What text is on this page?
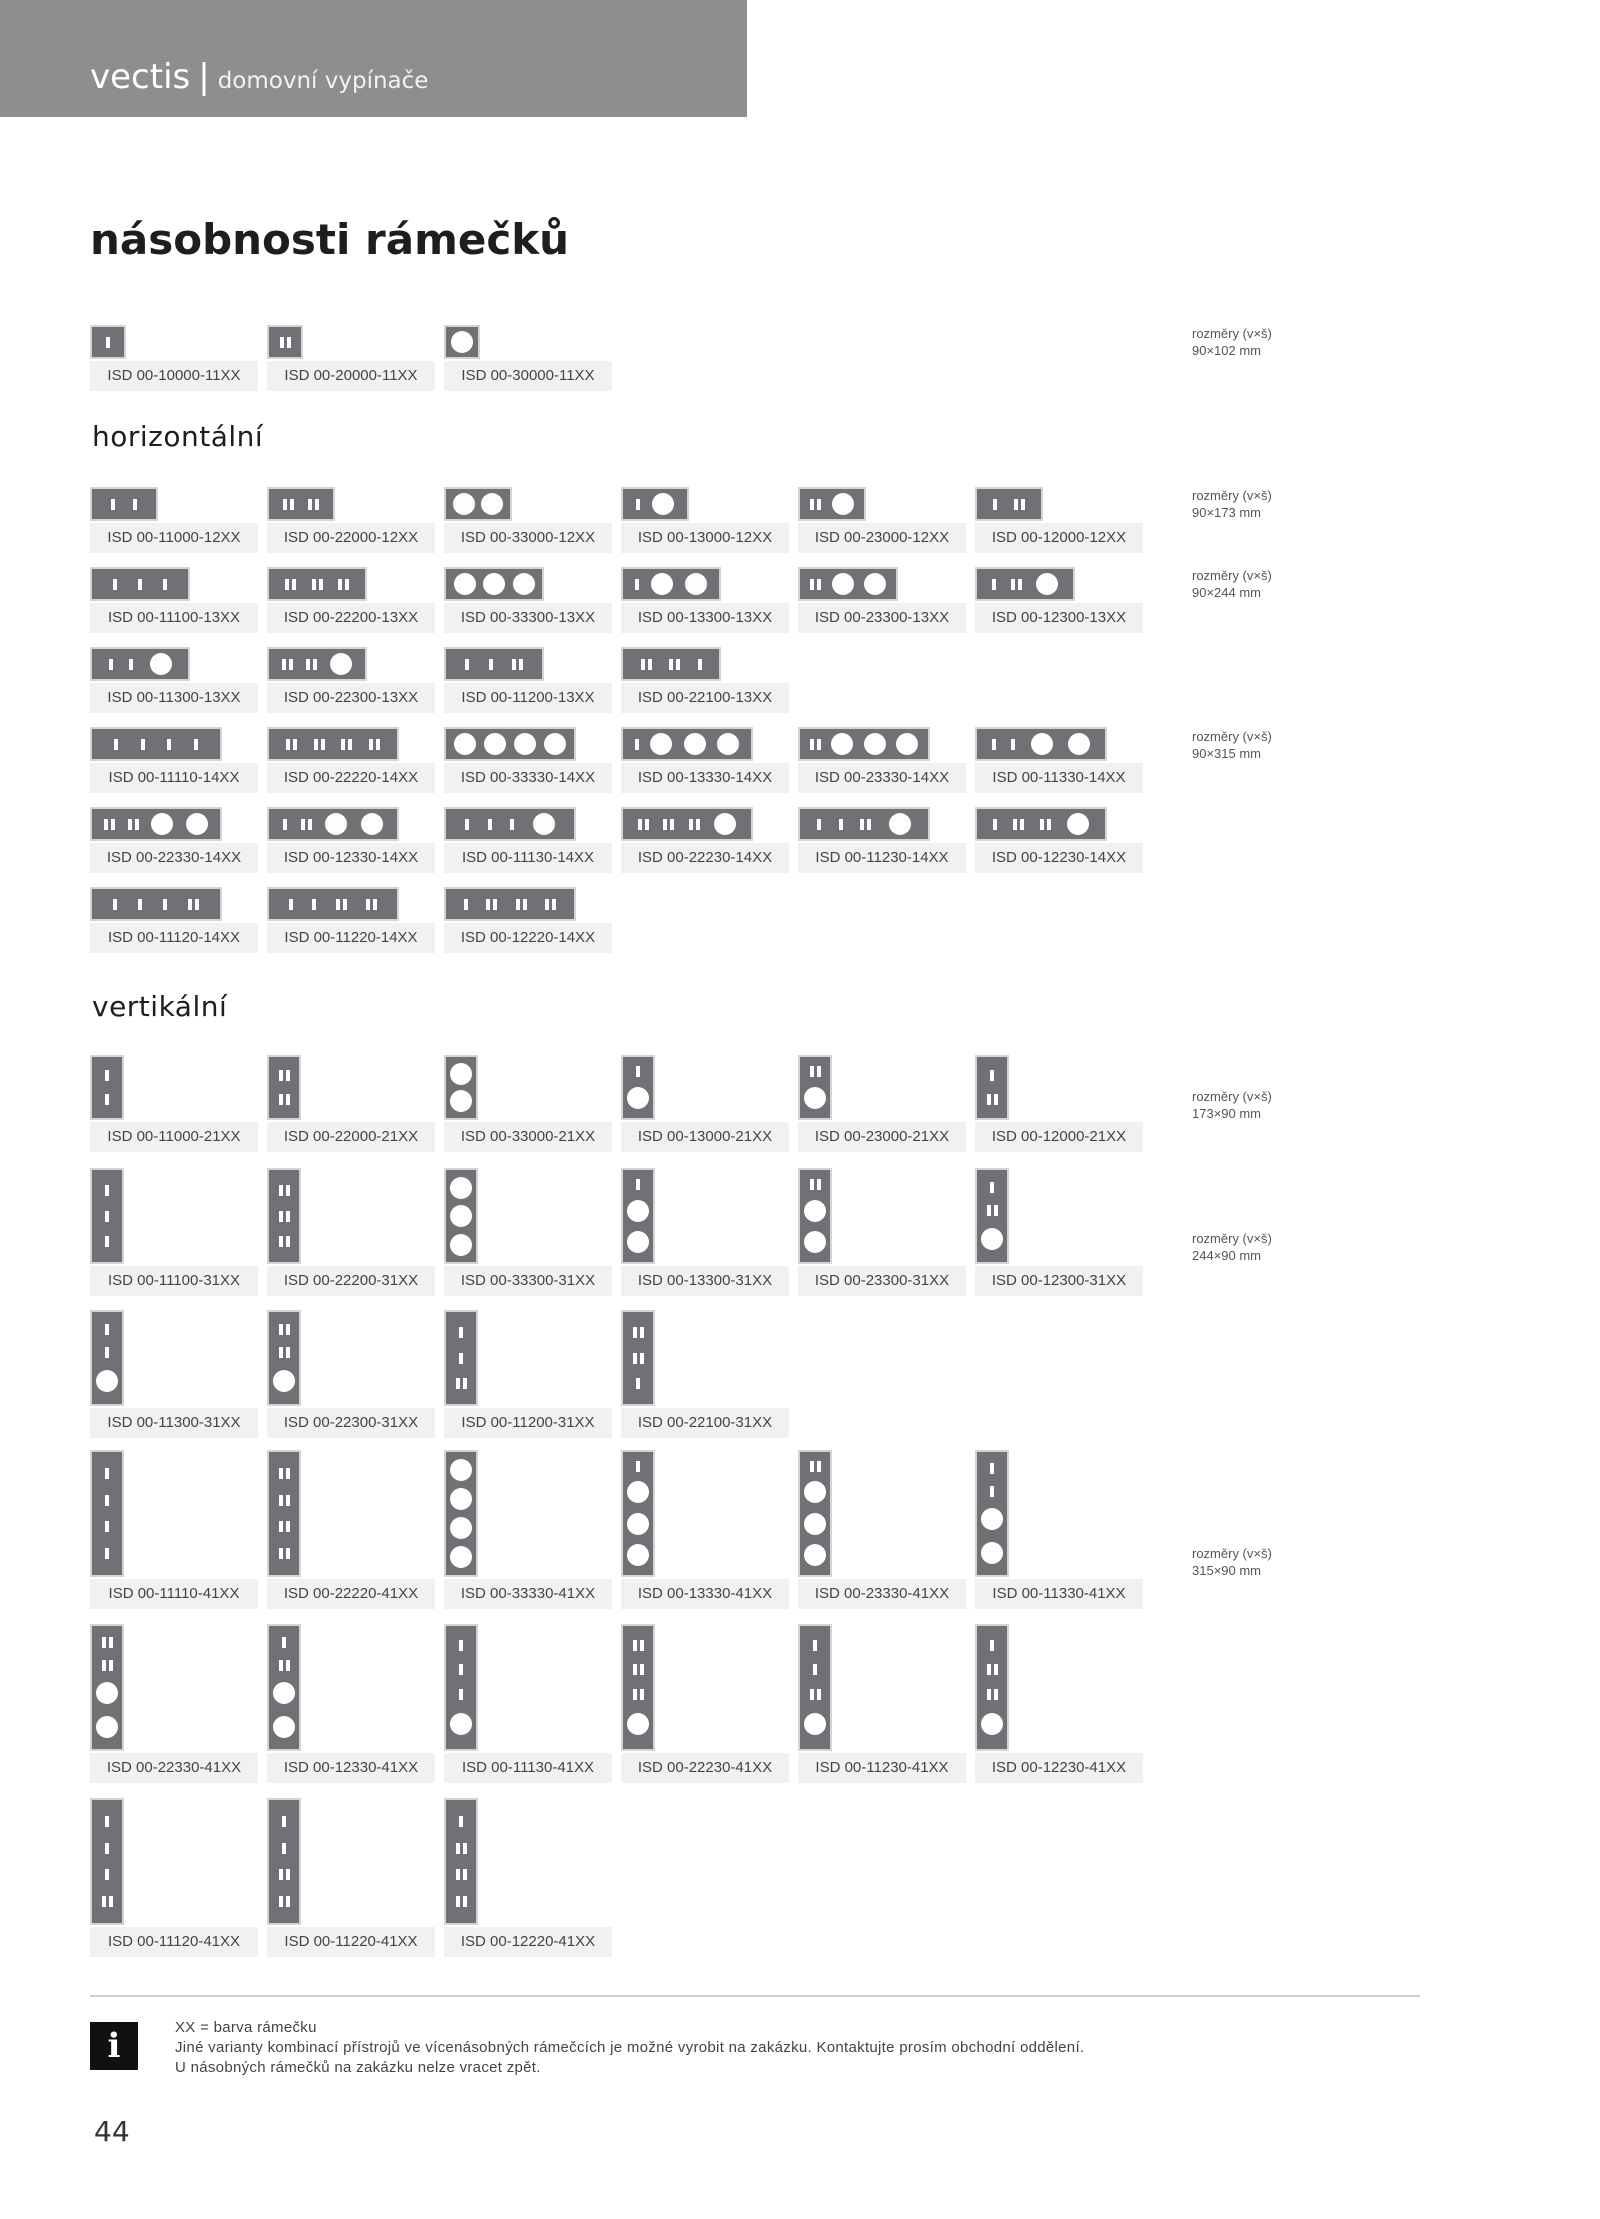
vectis | domovní vypínače
násobnosti rámečků
horizontální
vertikální
rozměry (v×š)
90×102 mm
rozměry (v×š)
90×173 mm
rozměry (v×š)
90×244 mm
rozměry (v×š)
90×315 mm
rozměry (v×š)
173×90 mm
rozměry (v×š)
244×90 mm
rozměry (v×š)
315×90 mm
ISD 00-10000-11XX	ISD 00-20000-11XX	ISD 00-30000-11XX
ISD 00-11000-12XX	ISD 00-22000-12XX	ISD 00-33000-12XX	ISD 00-13000-12XX	ISD 00-23000-12XX	ISD 00-12000-12XX
ISD 00-11100-13XX	ISD 00-22200-13XX	ISD 00-33300-13XX	ISD 00-13300-13XX	ISD 00-23300-13XX	ISD 00-12300-13XX
ISD 00-11300-13XX	ISD 00-22300-13XX	ISD 00-11200-13XX	ISD 00-22100-13XX
ISD 00-11110-14XX	ISD 00-22220-14XX	ISD 00-33330-14XX	ISD 00-13330-14XX	ISD 00-23330-14XX	ISD 00-11330-14XX
ISD 00-22330-14XX	ISD 00-12330-14XX	ISD 00-11130-14XX	ISD 00-22230-14XX	ISD 00-11230-14XX	ISD 00-12230-14XX
ISD 00-11120-14XX	ISD 00-11220-14XX	ISD 00-12220-14XX
ISD 00-11000-21XX	ISD 00-22000-21XX	ISD 00-33000-21XX	ISD 00-13000-21XX	ISD 00-23000-21XX	ISD 00-12000-21XX
ISD 00-11100-31XX	ISD 00-22200-31XX	ISD 00-33300-31XX	ISD 00-13300-31XX	ISD 00-23300-31XX	ISD 00-12300-31XX
ISD 00-11300-31XX	ISD 00-22300-31XX	ISD 00-11200-31XX	ISD 00-22100-31XX
ISD 00-11110-41XX	ISD 00-22220-41XX	ISD 00-33330-41XX	ISD 00-13330-41XX	ISD 00-23330-41XX	ISD 00-11330-41XX
ISD 00-22330-41XX	ISD 00-12330-41XX	ISD 00-11130-41XX	ISD 00-22230-41XX	ISD 00-11230-41XX	ISD 00-12230-41XX
ISD 00-11120-41XX	ISD 00-11220-41XX	ISD 00-12220-41XX
i	XX = barva rámečku
Jiné varianty kombinací přístrojů ve vícenásobných rámečcích je možné vyrobit na zakázku. Kontaktujte prosím obchodní oddělení.
U násobných rámečků na zakázku nelze vracet zpět.
44
